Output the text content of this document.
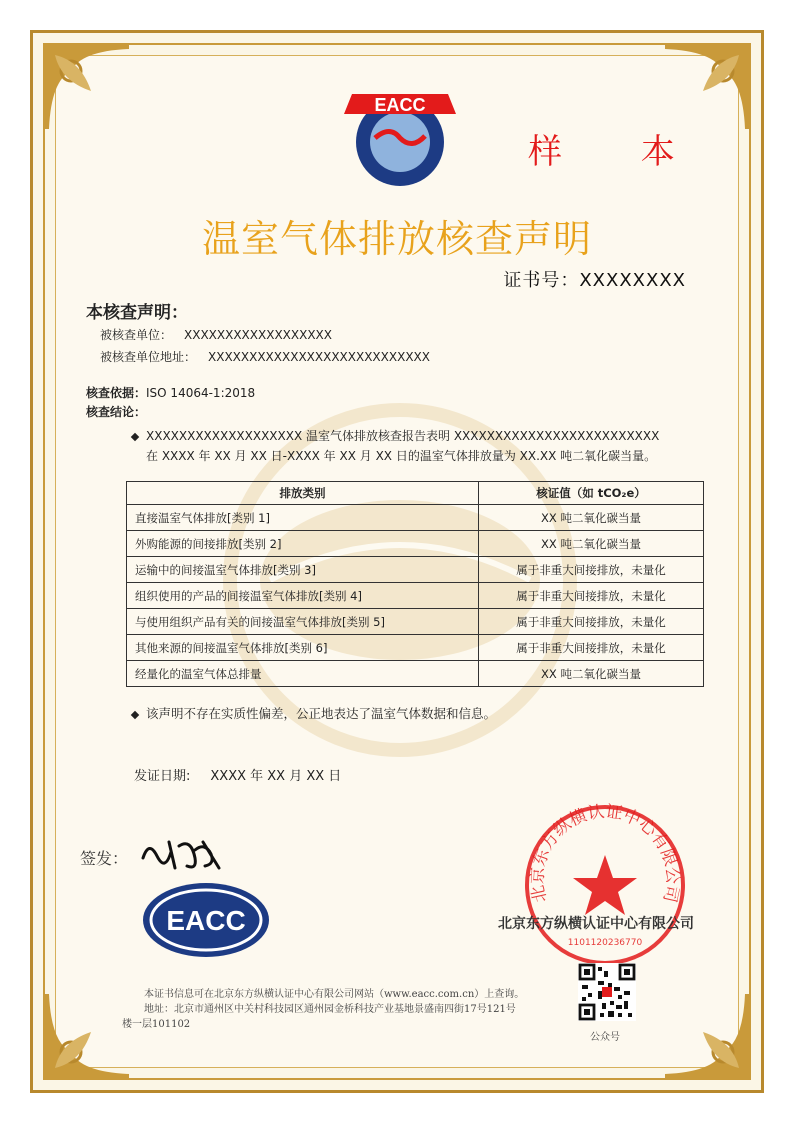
EACC
样 本
温室气体排放核查声明
证书号：XXXXXXXX
本核查声明：
被核查单位： XXXXXXXXXXXXXXXXXX
被核查单位地址： XXXXXXXXXXXXXXXXXXXXXXXXXXX
核查依据：ISO 14064-1:2018
核查结论：
XXXXXXXXXXXXXXXXXXX 温室气体排放核查报告表明 XXXXXXXXXXXXXXXXXXXXXXXXX
在 XXXX 年 XX 月 XX 日-XXXX 年 XX 月 XX 日的温室气体排放量为 XX.XX 吨二氧化碳当量。
排放类别	核证值（如 tCO₂e）
直接温室气体排放[类别 1]	XX 吨二氧化碳当量
外购能源的间接排放[类别 2]	XX 吨二氧化碳当量
运输中的间接温室气体排放[类别 3]	属于非重大间接排放，未量化
组织使用的产品的间接温室气体排放[类别 4]	属于非重大间接排放，未量化
与使用组织产品有关的间接温室气体排放[类别 5]	属于非重大间接排放，未量化
其他来源的间接温室气体排放[类别 6]	属于非重大间接排放，未量化
经量化的温室气体总排量	XX 吨二氧化碳当量
该声明不存在实质性偏差，公正地表达了温室气体数据和信息。
发证日期: XXXX 年 XX 月 XX 日
签发：
EACC
北京东方纵横认证中心有限公司
1101120236770
北京东方纵横认证中心有限公司
本证书信息可在北京东方纵横认证中心有限公司网站（www.eacc.com.cn）上查询。
地址：北京市通州区中关村科技园区通州园金桥科技产业基地景盛南四街17号121号
楼一层101102
公众号
